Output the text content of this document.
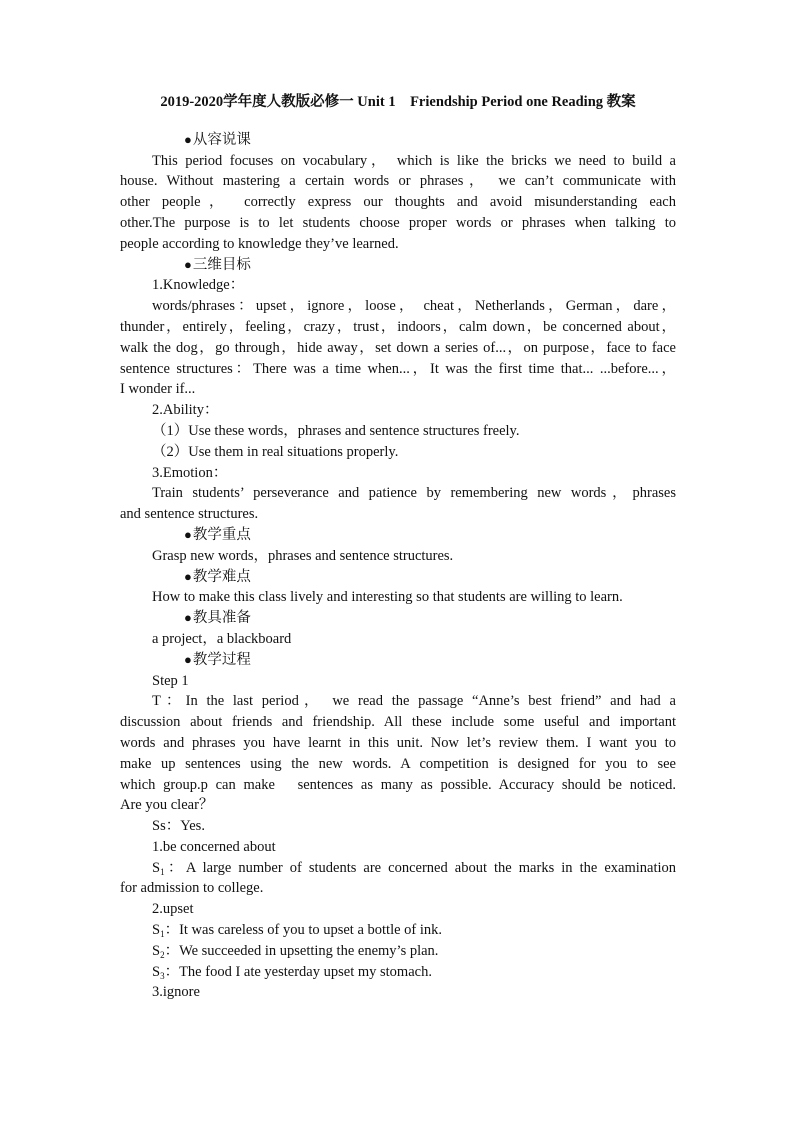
2019-2020学年度人教版必修一 Unit 1　Friendship Period one Reading 教案

●从容说课

This period focuses on vocabulary， which is like the bricks we need to build a

house. Without mastering a certain words or phrases， we can’t communicate with

other people， correctly express our thoughts and avoid misunderstanding each

other.The purpose is to let students choose proper words or phrases when talking to

people according to knowledge they’ve learned.

●三维目标

1.Knowledge：

words/phrases：upset，ignore，loose， cheat，Netherlands，German，dare，

thunder，entirely，feeling，crazy，trust，indoors，calm down，be concerned about，

walk the dog，go through，hide away，set down a series of...，on purpose，face to face

sentence structures：There was a time when...，It was the first time that... ...before...，

I wonder if...

2.Ability：

（1）Use these words，phrases and sentence structures freely.

（2）Use them in real situations properly.

3.Emotion：

Train students’ perseverance and patience by remembering new words，phrases

and sentence structures.

●教学重点

Grasp new words，phrases and sentence structures.

●教学难点

How to make this class lively and interesting so that students are willing to learn.

●教具准备

a project，a blackboard

●教学过程

Step 1

T：In the last period， we read the passage “Anne’s best friend” and had a

discussion about friends and friendship. All these include some useful and important

words and phrases you have learnt in this unit. Now let’s review them. I want you to

make up sentences using the new words. A competition is designed for you to see

which group.p can make　sentences as many as possible. Accuracy should be noticed.

Are you clear？

Ss：Yes.

1.be concerned about

$S_1$：A large number of students are concerned about the marks in the examination

for admission to college.

2.upset

$S_1$：It was careless of you to upset a bottle of ink.

$S_2$：We succeeded in upsetting the enemy’s plan.

$S_3$：The food I ate yesterday upset my stomach.

3.ignore
